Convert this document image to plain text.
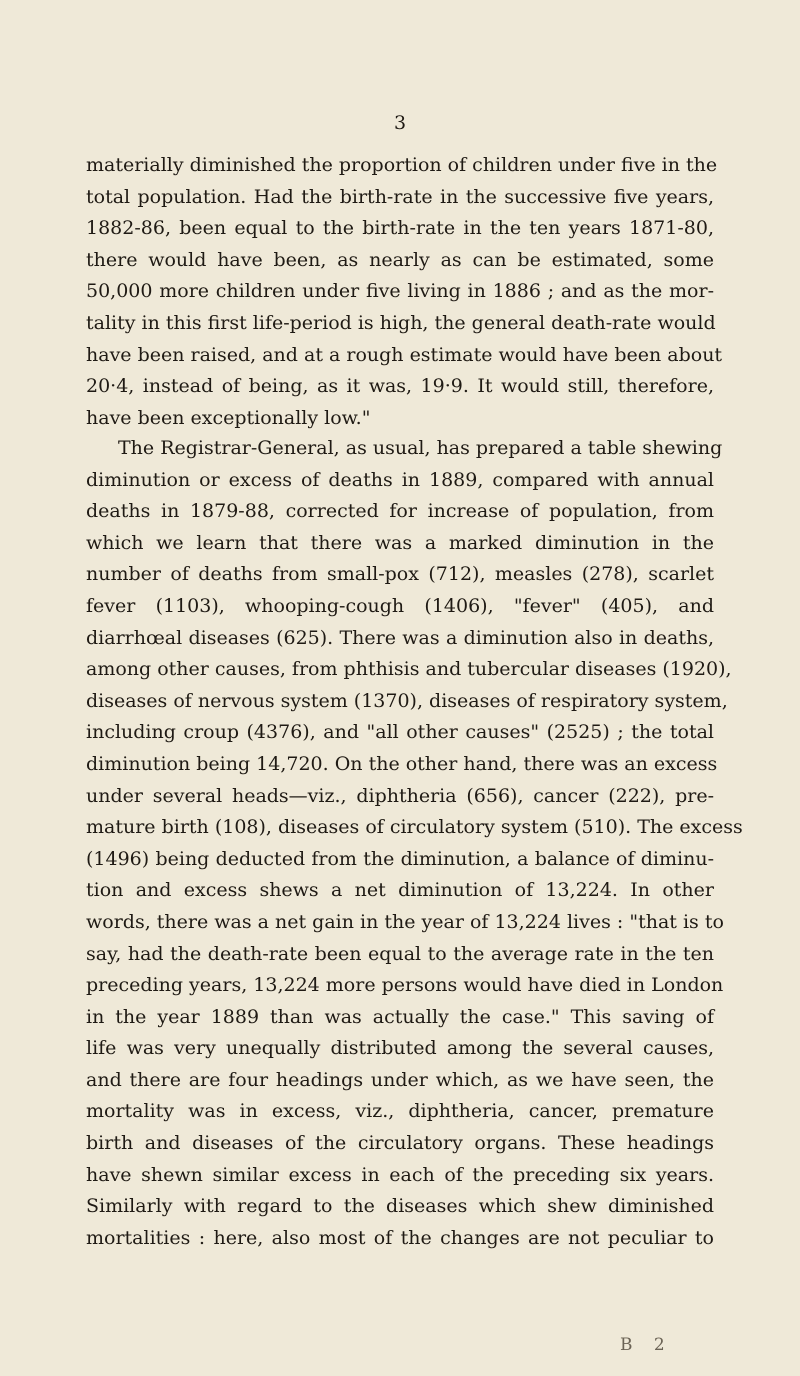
3
materially diminished the proportion of children under five in the
total population. Had the birth-rate in the successive five years,
1882-86, been equal to the birth-rate in the ten years 1871-80,
there would have been, as nearly as can be estimated, some
50,000 more children under five living in 1886 ; and as the mor-
tality in this first life-period is high, the general death-rate would
have been raised, and at a rough estimate would have been about
20·4, instead of being, as it was, 19·9. It would still, therefore,
have been exceptionally low."
The Registrar-General, as usual, has prepared a table shewing
diminution or excess of deaths in 1889, compared with annual
deaths in 1879-88, corrected for increase of population, from
which we learn that there was a marked diminution in the
number of deaths from small-pox (712), measles (278), scarlet
fever (1103), whooping-cough (1406), "fever" (405), and
diarrhœal diseases (625). There was a diminution also in deaths,
among other causes, from phthisis and tubercular diseases (1920),
diseases of nervous system (1370), diseases of respiratory system,
including croup (4376), and "all other causes" (2525) ; the total
diminution being 14,720. On the other hand, there was an excess
under several heads—viz., diphtheria (656), cancer (222), pre-
mature birth (108), diseases of circulatory system (510). The excess
(1496) being deducted from the diminution, a balance of diminu-
tion and excess shews a net diminution of 13,224. In other
words, there was a net gain in the year of 13,224 lives : "that is to
say, had the death-rate been equal to the average rate in the ten
preceding years, 13,224 more persons would have died in London
in the year 1889 than was actually the case." This saving of
life was very unequally distributed among the several causes,
and there are four headings under which, as we have seen, the
mortality was in excess, viz., diphtheria, cancer, premature
birth and diseases of the circulatory organs. These headings
have shewn similar excess in each of the preceding six years.
Similarly with regard to the diseases which shew diminished
mortalities : here, also most of the changes are not peculiar to
B 2
